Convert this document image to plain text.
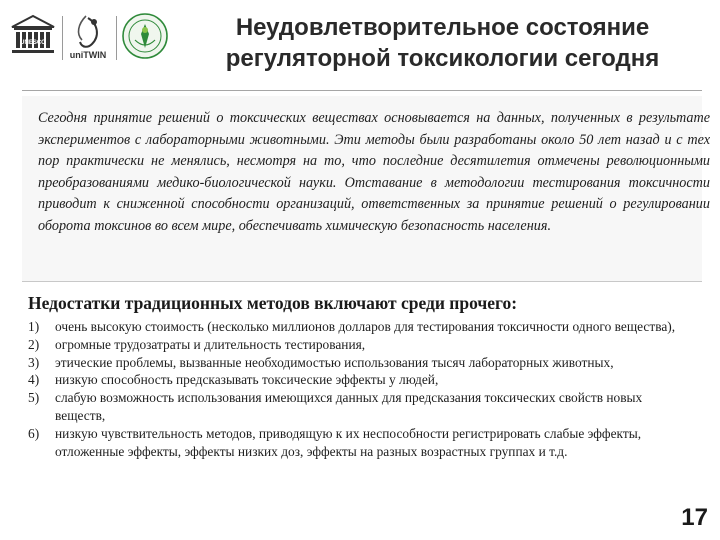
UNESCO
uniTWIN
Неудовлетворительное состояние
регуляторной токсикологии сегодня

Сегодня принятие решений о токсических веществах основывается на данных, полученных в результате экспериментов с лабораторными животными. Эти методы были разработаны около 50 лет назад и с тех пор практически не менялись, несмотря на то, что последние десятилетия отмечены революционными преобразованиями медико-биологической науки. Отставание в методологии тестирования токсичности приводит к сниженной способности организаций, ответственных за принятие решений о регулировании оборота токсинов во всем мире, обеспечивать химическую безопасность населения.

Недостатки традиционных методов включают среди прочего:
1) очень высокую стоимость (несколько миллионов долларов для тестирования токсичности одного вещества),
2) огромные трудозатраты и длительность тестирования,
3) этические проблемы, вызванные необходимостью использования тысяч лабораторных животных,
4) низкую способность предсказывать токсические эффекты у людей,
5) слабую возможность использования имеющихся данных для предсказания токсических свойств новых веществ,
6) низкую чувствительность методов, приводящую к их неспособности регистрировать слабые эффекты, отложенные эффекты, эффекты низких доз, эффекты на разных возрастных группах и т.д.
17
